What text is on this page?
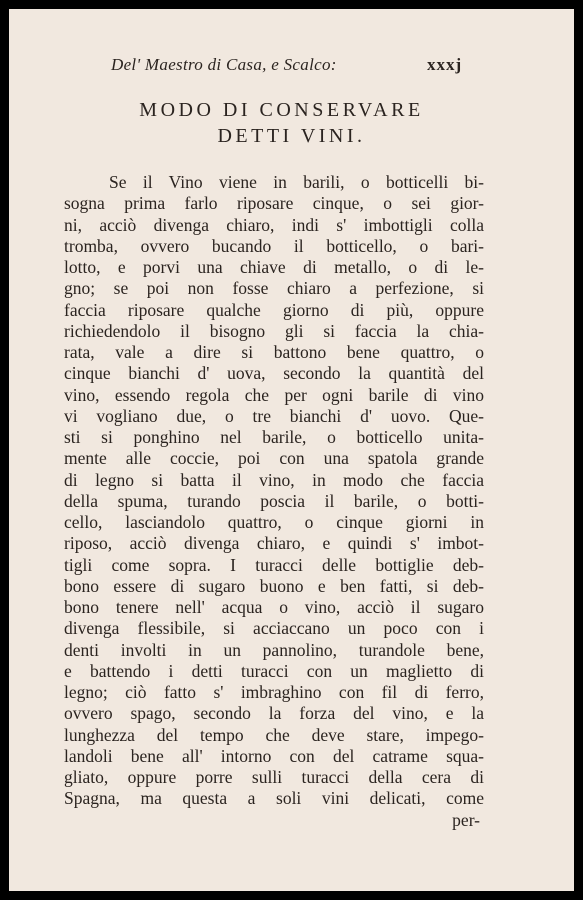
Del' Maestro di Casa, e Scalco:	xxxj
MODO DI CONSERVARE
DETTI VINI.
Se il Vino viene in barili, o botticelli bi-
sogna prima farlo riposare cinque, o sei gior-
ni, acciò divenga chiaro, indi s' imbottigli colla
tromba, ovvero bucando il botticello, o bari-
lotto, e porvi una chiave di metallo, o di le-
gno; se poi non fosse chiaro a perfezione, si
faccia riposare qualche giorno di più, oppure
richiedendolo il bisogno gli si faccia la chia-
rata, vale a dire si battono bene quattro, o
cinque bianchi d' uova, secondo la quantità del
vino, essendo regola che per ogni barile di vino
vi vogliano due, o tre bianchi d' uovo. Que-
sti si ponghino nel barile, o botticello unita-
mente alle coccie, poi con una spatola grande
di legno si batta il vino, in modo che faccia
della spuma, turando poscia il barile, o botti-
cello, lasciandolo quattro, o cinque giorni in
riposo, acciò divenga chiaro, e quindi s' imbot-
tigli come sopra. I turacci delle bottiglie deb-
bono essere di sugaro buono e ben fatti, si deb-
bono tenere nell' acqua o vino, acciò il sugaro
divenga flessibile, si acciaccano un poco con i
denti involti in un pannolino, turandole bene,
e battendo i detti turacci con un maglietto di
legno; ciò fatto s' imbraghino con fil di ferro,
ovvero spago, secondo la forza del vino, e la
lunghezza del tempo che deve stare, impego-
landoli bene all' intorno con del catrame squa-
gliato, oppure porre sulli turacci della cera di
Spagna, ma questa a soli vini delicati, come
per-
